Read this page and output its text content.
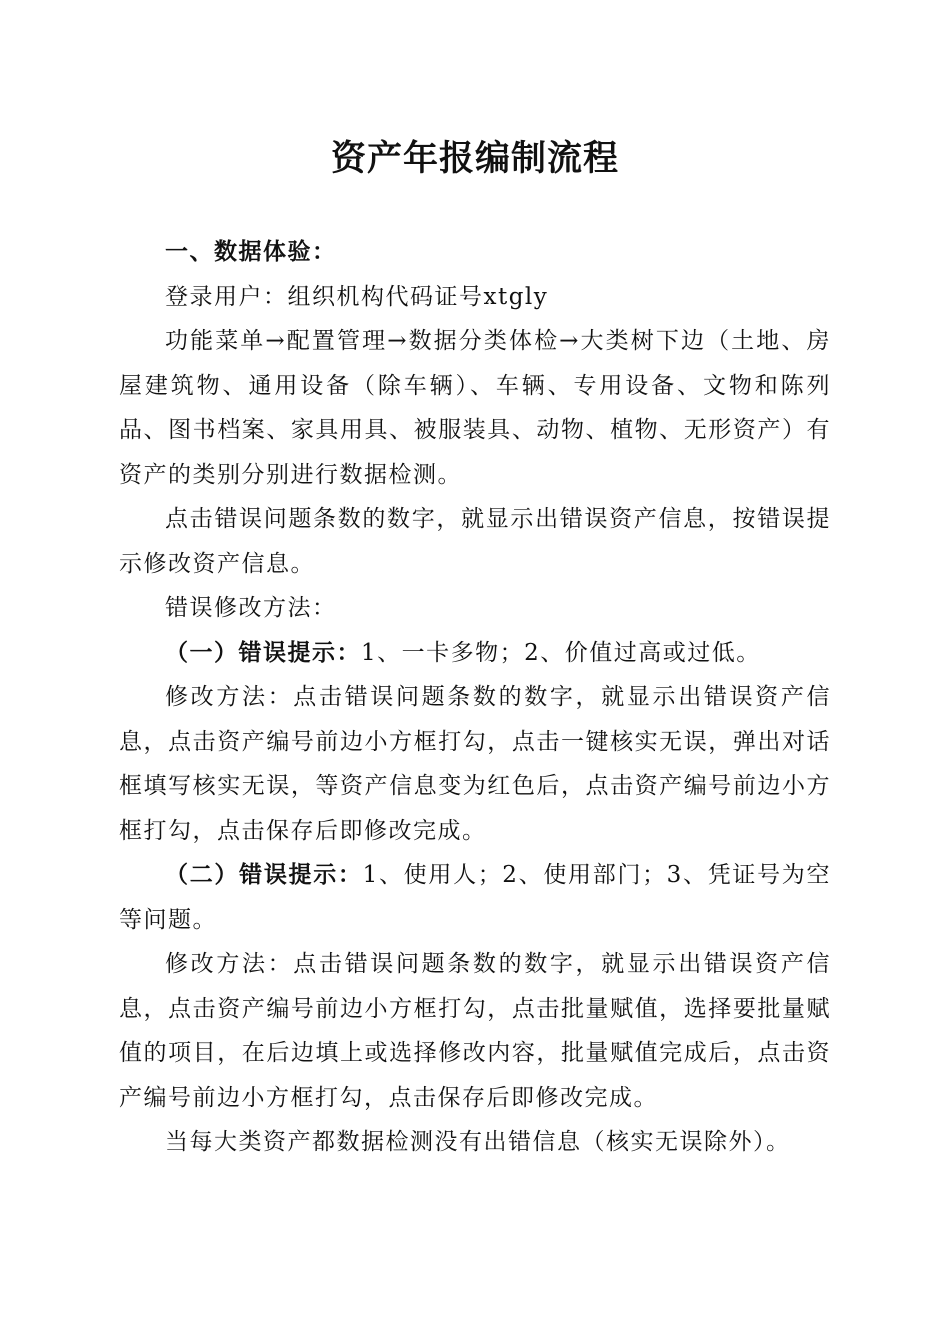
资产年报编制流程

一、数据体验：

登录用户：组织机构代码证号xtgly

功能菜单→配置管理→数据分类体检→大类树下边（土地、房屋建筑物、通用设备（除车辆）、车辆、专用设备、文物和陈列品、图书档案、家具用具、被服装具、动物、植物、无形资产）有资产的类别分别进行数据检测。

点击错误问题条数的数字，就显示出错误资产信息，按错误提示修改资产信息。

错误修改方法：

（一）错误提示：1、一卡多物；2、价值过高或过低。

修改方法：点击错误问题条数的数字，就显示出错误资产信息，点击资产编号前边小方框打勾，点击一键核实无误，弹出对话框填写核实无误，等资产信息变为红色后，点击资产编号前边小方框打勾，点击保存后即修改完成。

（二）错误提示：1、使用人；2、使用部门；3、凭证号为空等问题。

修改方法：点击错误问题条数的数字，就显示出错误资产信息，点击资产编号前边小方框打勾，点击批量赋值，选择要批量赋值的项目，在后边填上或选择修改内容，批量赋值完成后，点击资产编号前边小方框打勾，点击保存后即修改完成。

当每大类资产都数据检测没有出错信息（核实无误除外）。
